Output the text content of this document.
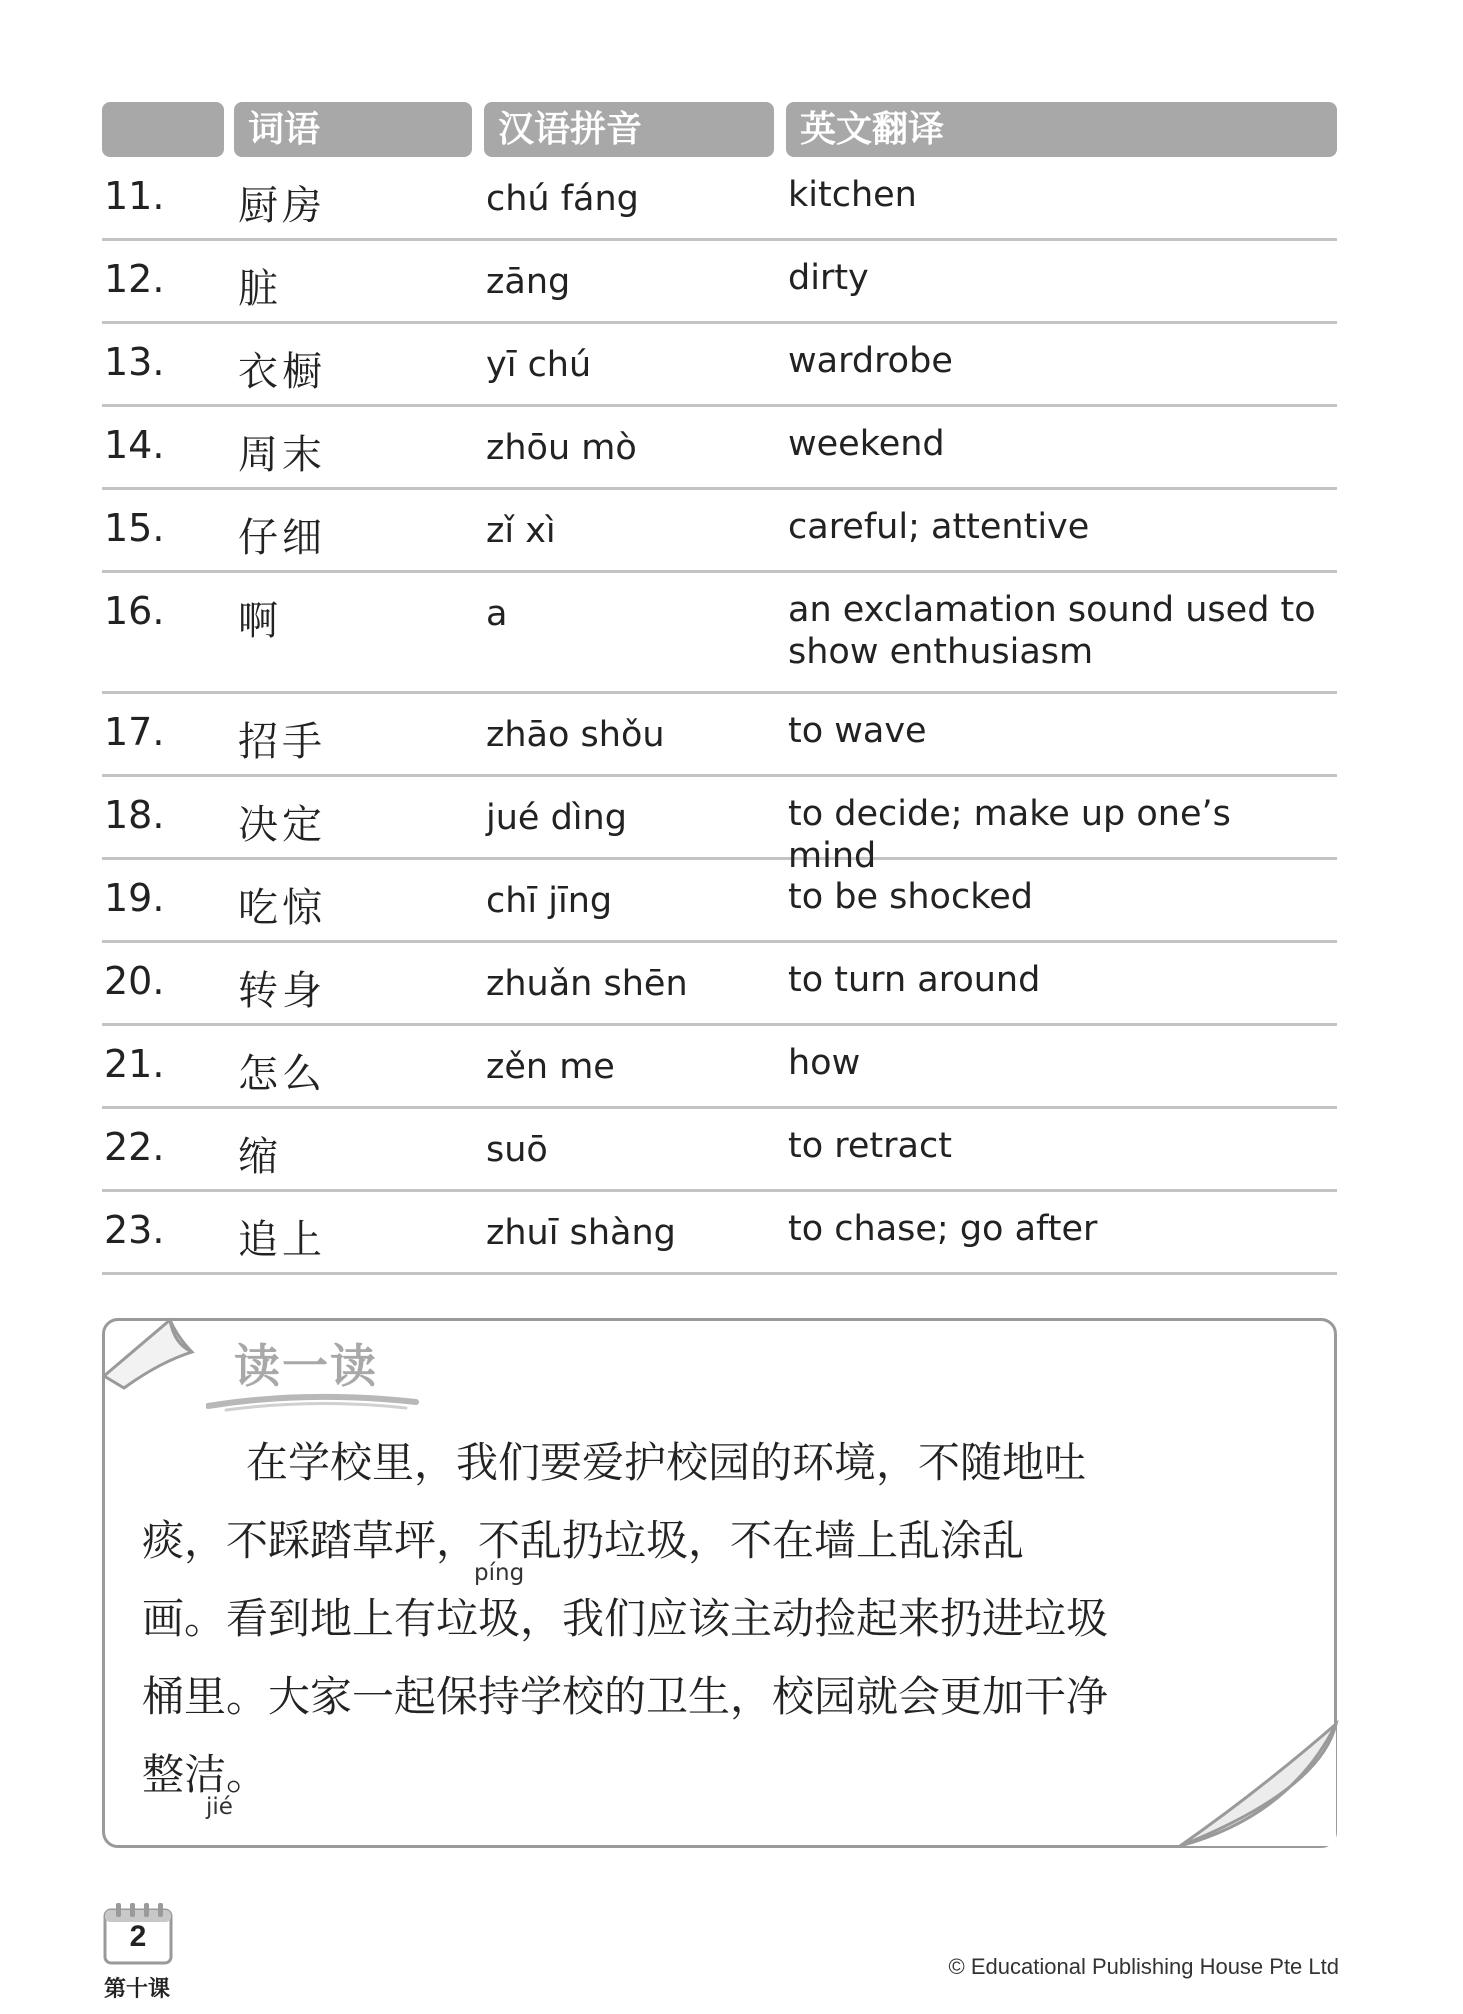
词语	汉语拼音	英文翻译
11. 厨房	chú fáng	kitchen
12. 脏	zāng	dirty
13. 衣橱	yī chú	wardrobe
14. 周末	zhōu mò	weekend
15. 仔细	zǐ xì	careful; attentive
16. 啊	a	an exclamation sound used to show enthusiasm
17. 招手	zhāo shǒu	to wave
18. 决定	jué dìng	to decide; make up one’s mind
19. 吃惊	chī jīng	to be shocked
20. 转身	zhuǎn shēn	to turn around
21. 怎么	zěn me	how
22. 缩	suō	to retract
23. 追上	zhuī shàng	to chase; go after
读一读
在学校里，我们要爱护校园的环境，不随地吐
痰，不踩踏草坪，不乱扔垃圾，不在墙上乱涂乱
píng
画。看到地上有垃圾，我们应该主动捡起来扔进垃圾
桶里。大家一起保持学校的卫生，校园就会更加干净
整洁。
jié
2
第十课
© Educational Publishing House Pte Ltd
